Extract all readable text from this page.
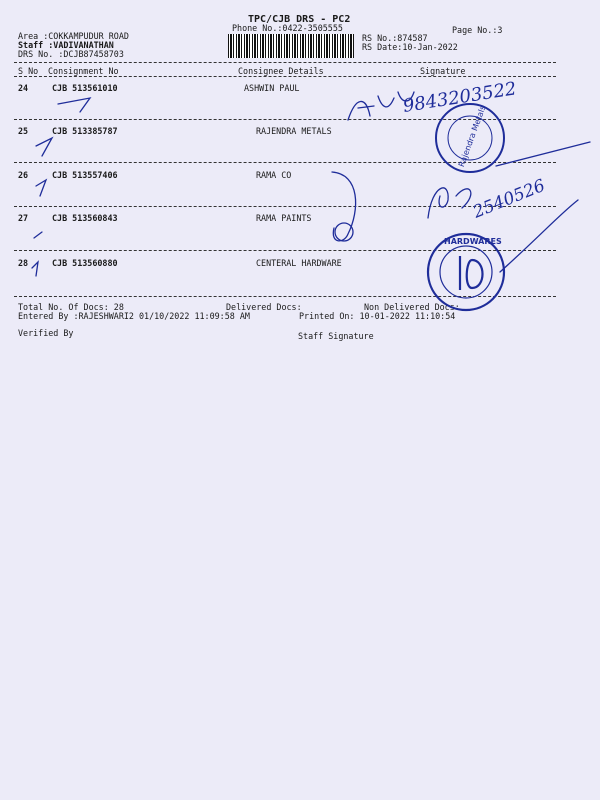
TPC/CJB DRS - PC2
Phone No.:0422-3505555	Page No.:3
Area :COKKAMPUDUR ROAD
Staff :VADIVANATHAN
DRS No. :DCJB87458703
RS No.:874587
RS Date:10-Jan-2022
S No Consignment No	Consignee Details	Signature
24	CJB 513561010	ASHWIN PAUL
25	CJB 513385787	RAJENDRA METALS
26	CJB 513557406	RAMA CO
27	CJB 513560843	RAMA PAINTS
28	CJB 513560880	CENTERAL HARDWARE
Total No. Of Docs: 28	Delivered Docs:	Non Delivered Docs:
Entered By :RAJESHWARI2 01/10/2022 11:09:58 AM	Printed On: 10-01-2022 11:10:54
Verified By	Staff Signature
9843203522
2540526
Rajendra Metals
HARDWARES
